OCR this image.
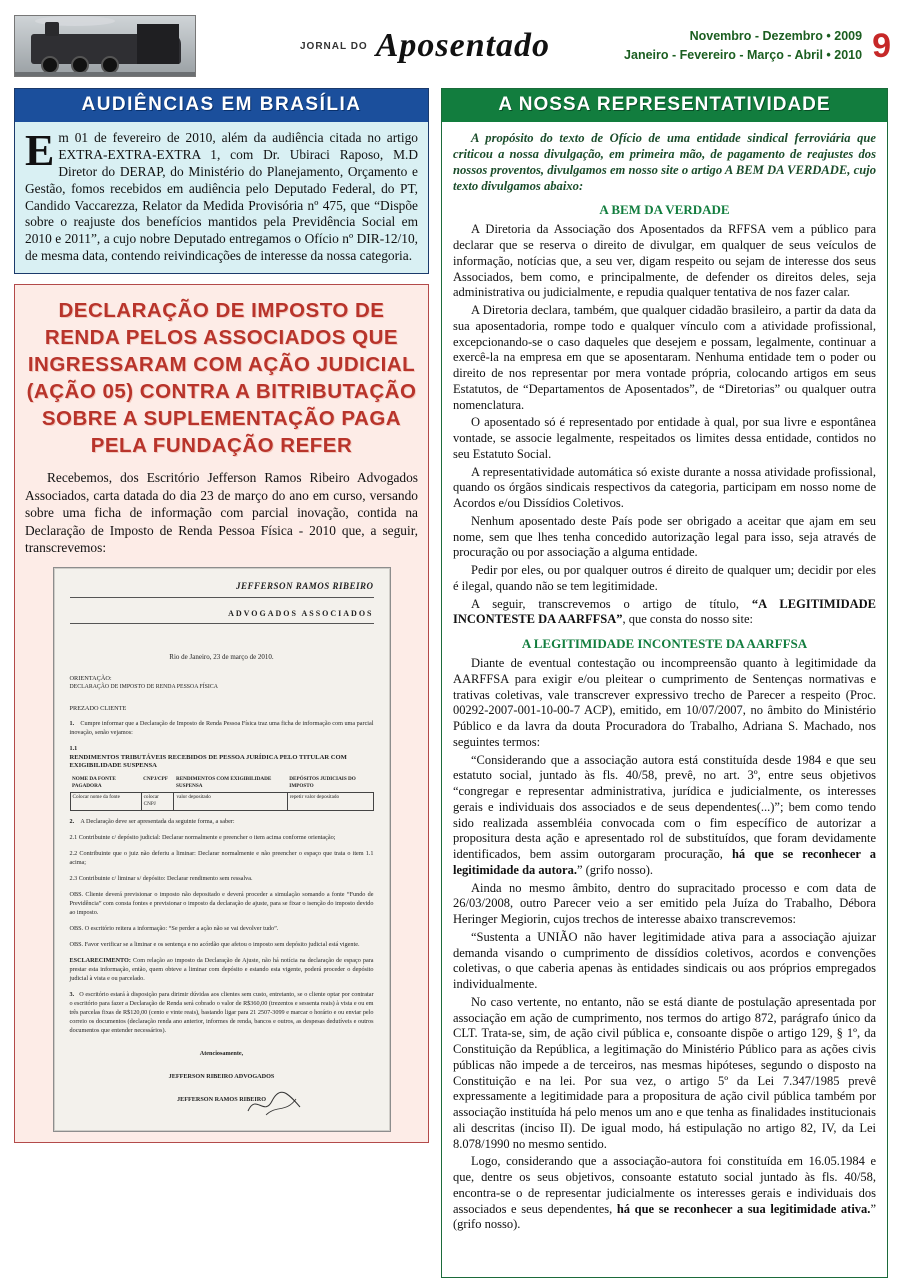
JORNAL DO Aposentado	Novembro - Dezembro • 2009
Janeiro - Fevereiro - Março - Abril • 2010 9
AUDIÊNCIAS EM BRASÍLIA
Em 01 de fevereiro de 2010, além da audiência citada no artigo EXTRA-EXTRA-EXTRA 1, com Dr. Ubiraci Raposo, M.D Diretor do DERAP, do Ministério do Planejamento, Orçamento e Gestão, fomos recebidos em audiência pelo Deputado Federal, do PT, Candido Vaccarezza, Relator da Medida Provisória nº 475, que “Dispõe sobre o reajuste dos benefícios mantidos pela Previdência Social em 2010 e 2011”, a cujo nobre Deputado entregamos o Ofício nº DIR-12/10, de mesma data, contendo reivindicações de interesse da nossa categoria.
DECLARAÇÃO DE IMPOSTO DE RENDA PELOS ASSOCIADOS QUE INGRESSARAM COM AÇÃO JUDICIAL (AÇÃO 05) CONTRA A BITRIBUTAÇÃO SOBRE A SUPLEMENTAÇÃO PAGA PELA FUNDAÇÃO REFER
Recebemos, dos Escritório Jefferson Ramos Ribeiro Advogados Associados, carta datada do dia 23 de março do ano em curso, versando sobre uma ficha de informação com parcial inovação, contida na Declaração de Imposto de Renda Pessoa Física - 2010 que, a seguir, transcrevemos:
JEFFERSON RAMOS RIBEIRO
ADVOGADOS ASSOCIADOS
Rio de Janeiro, 23 de março de 2010.
ORIENTAÇÃO:
DECLARAÇÃO DE IMPOSTO DE RENDA PESSOA FÍSICA
PREZADO CLIENTE
1. Cumpre informar que a Declaração de Imposto de Renda Pessoa Física traz uma ficha de informação com uma parcial inovação, senão vejamos:
1.1
RENDIMENTOS TRIBUTÁVEIS RECEBIDOS DE PESSOA JURÍDICA PELO TITULAR COM EXIGIBILIDADE SUSPENSA
NOME DA FONTE PAGADORA	CNPJ/CPF	RENDIMENTOS COM EXIGIBILIDADE SUSPENSA	DEPÓSITOS JUDICIAIS DO IMPOSTO
Colocar nome da fonte	colocar CNPJ	valor depositado	repetir valor depositado
2. A Declaração deve ser apresentada da seguinte forma, a saber:
2.1 Contribuinte c/ depósito judicial: Declarar normalmente e preencher o item acima conforme orientação;
2.2 Contribuinte que o juiz não deferiu a liminar: Declarar normalmente e não preencher o espaço que trata o item 1.1 acima;
2.3 Contribuinte c/ liminar s/ depósito: Declarar rendimento sem ressalva.
OBS. Cliente deverá previsionar o imposto não depositado e deverá proceder a simulação somando a fonte “Fundo de Previdência” com consta fontes e previsionar o imposto da declaração de ajuste, para se fixar o isenção do imposto devido ao imposto.
OBS. O escritório reitera a informação: “Se perder a ação não se vai devolver tudo”.
OBS. Favor verificar se a liminar e os sentença e no acórdão que afetou o imposto sem depósito judicial está vigente.
ESCLARECIMENTO: Com relação ao imposto da Declaração de Ajuste, não há notícia na declaração de espaço para prestar esta informação, então, quem obteve a liminar com depósito e estando esta vigente, poderá proceder o depósito judicial à vista e ou parcelado.
3. O escritório estará à disposição para dirimir dúvidas aos clientes sem custo, entretanto, se o cliente optar por contratar o escritório para fazer a Declaração de Renda será cobrado o valor de R$360,00 (trezentos e sessenta reais) à vista e ou em três parcelas fixas de R$120,00 (cento e vinte reais), bastando ligar para 21 2507-3099 e marcar o horário e ou enviar pelo correio os documentos (declaração renda ano anterior, informes de renda, bancos e outros, as despesas dedutíveis e outros documentos que entender necessários).
Atenciosamente,
JEFFERSON RIBEIRO ADVOGADOS
JEFFERSON RAMOS RIBEIRO
A NOSSA REPRESENTATIVIDADE
A propósito do texto de Ofício de uma entidade sindical ferroviária que criticou a nossa divulgação, em primeira mão, de pagamento de reajustes dos nossos proventos, divulgamos em nosso site o artigo A BEM DA VERDADE, cujo texto divulgamos abaixo:
A BEM DA VERDADE

A Diretoria da Associação dos Aposentados da RFFSA vem a público para declarar que se reserva o direito de divulgar, em qualquer de seus veículos de informação, notícias que, a seu ver, digam respeito ou sejam de interesse dos seus Associados, bem como, e principalmente, de defender os direitos deles, seja administrativa ou judicialmente, e repudia qualquer tentativa de nos fazer calar.

A Diretoria declara, também, que qualquer cidadão brasileiro, a partir da data da sua aposentadoria, rompe todo e qualquer vínculo com a atividade profissional, excepcionando-se o caso daqueles que desejem e possam, legalmente, continuar a exercê-la na empresa em que se aposentaram. Nenhuma entidade tem o poder ou direito de nos representar por mera vontade própria, colocando artigos em seus Estatutos, de “Departamentos de Aposentados”, de “Diretorias” ou qualquer outra nomenclatura.

O aposentado só é representado por entidade à qual, por sua livre e espontânea vontade, se associe legalmente, respeitados os limites dessa entidade, contidos no seu Estatuto Social.

A representatividade automática só existe durante a nossa atividade profissional, quando os órgãos sindicais respectivos da categoria, participam em nosso nome de Acordos e/ou Dissídios Coletivos.

Nenhum aposentado deste País pode ser obrigado a aceitar que ajam em seu nome, sem que lhes tenha concedido autorização legal para isso, seja através de procuração ou por associação a alguma entidade.

Pedir por eles, ou por qualquer outros é direito de qualquer um; decidir por eles é ilegal, quando não se tem legitimidade.

A seguir, transcrevemos o artigo de título, “A LEGITIMIDADE INCONTESTE DA AARFFSA”, que consta do nosso site:

A LEGITIMIDADE INCONTESTE DA AARFFSA

Diante de eventual contestação ou incompreensão quanto à legitimidade da AARFFSA para exigir e/ou pleitear o cumprimento de Sentenças normativas e trativas coletivas, vale transcrever expressivo trecho de Parecer a respeito (Proc. 00292-2007-001-10-00-7 ACP), emitido, em 10/07/2007, no âmbito do Ministério Público e da lavra da douta Procuradora do Trabalho, Adriana S. Machado, nos seguintes termos:

“Considerando que a associação autora está constituída desde 1984 e que seu estatuto social, juntado às fls. 40/58, prevê, no art. 3º, entre seus objetivos “congregar e representar administrativa, jurídica e judicialmente, os interesses gerais e individuais dos associados e de seus dependentes(...)”; bem como tendo sido realizada assembléia convocada com o fim específico de autorizar a propositura desta ação e apresentado rol de substituídos, que foram devidamente identificados, bem assim outorgaram procuração, há que se reconhecer a legitimidade da autora.” (grifo nosso).

Ainda no mesmo âmbito, dentro do supracitado processo e com data de 26/03/2008, outro Parecer veio a ser emitido pela Juíza do Trabalho, Débora Heringer Megiorin, cujos trechos de interesse abaixo transcrevemos:

“Sustenta a UNIÃO não haver legitimidade ativa para a associação ajuizar demanda visando o cumprimento de dissídios coletivos, acordos e convenções coletivas, o que caberia apenas às entidades sindicais ou aos próprios empregados individualmente.

No caso vertente, no entanto, não se está diante de postulação apresentada por associação em ação de cumprimento, nos termos do artigo 872, parágrafo único da CLT. Trata-se, sim, de ação civil pública e, consoante dispõe o artigo 129, § 1º, da Constituição da República, a legitimação do Ministério Público para as ações civis públicas não impede a de terceiros, nas mesmas hipóteses, segundo o disposto na Constituição e na lei. Por sua vez, o artigo 5º da Lei 7.347/1985 prevê expressamente a legitimidade para a propositura de ação civil pública também por associação instituída há pelo menos um ano e que tenha as finalidades institucionais ali descritas (inciso II). De igual modo, há estipulação no artigo 82, IV, da Lei 8.078/1990 no mesmo sentido.

Logo, considerando que a associação-autora foi constituída em 16.05.1984 e que, dentre os seus objetivos, consoante estatuto social juntado às fls. 40/58, encontra-se o de representar judicialmente os interesses gerais e individuais dos associados e seus dependentes, há que se reconhecer a sua legitimidade ativa.” (grifo nosso).
